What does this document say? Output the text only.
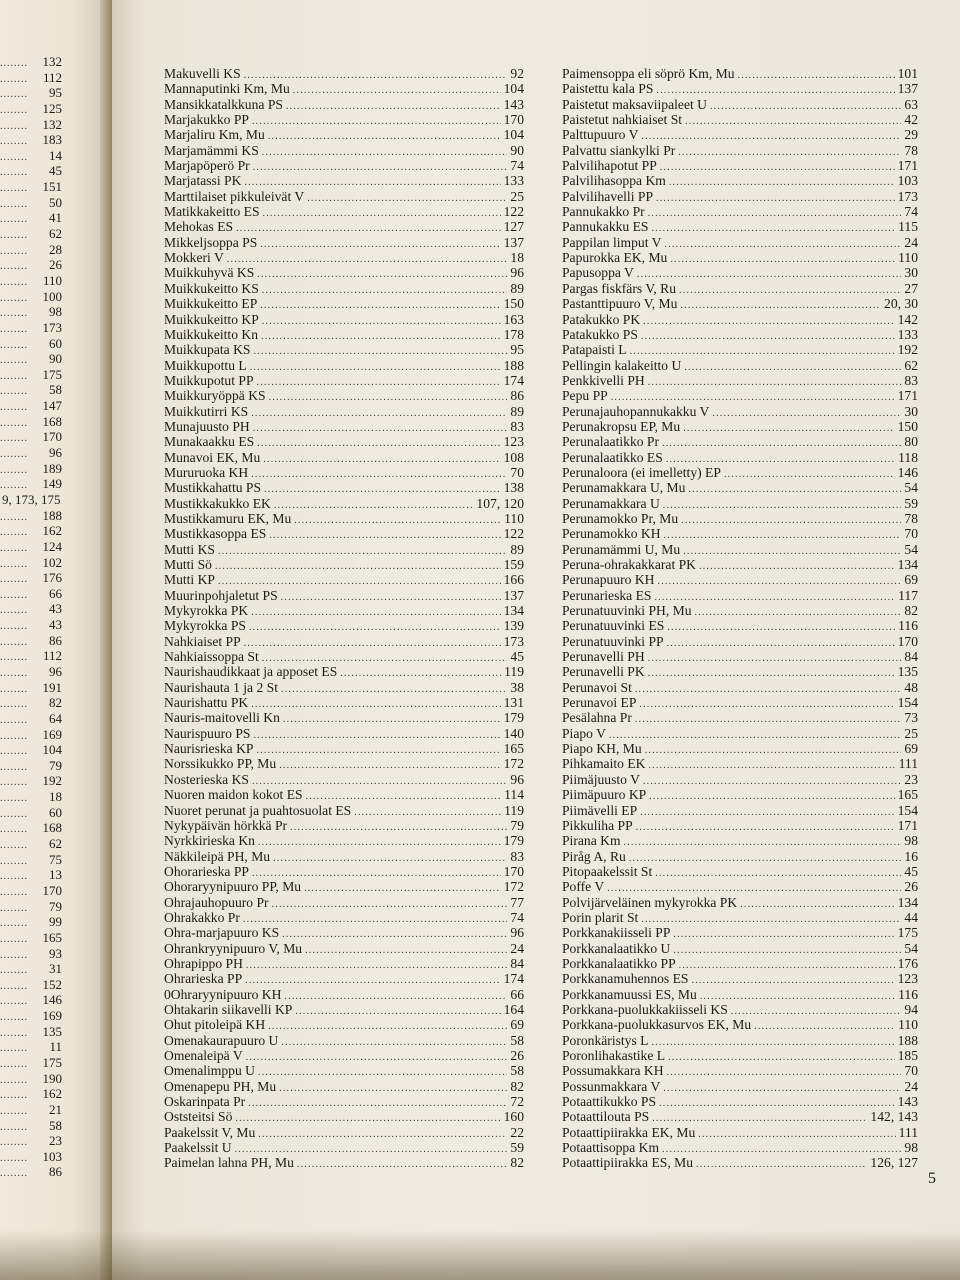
........	132
........	112
........	95
........	125
........	132
........	183
........	14
........	45
........	151
........	50
........	41
........	62
........	28
........	26
........	110
........	100
........	98
........	173
........	60
........	90
........	175
........	58
........	147
........	168
........	170
........	96
........	189
........	149
9, 173, 175
........	188
........	162
........	124
........	102
........	176
........	66
........	43
........	43
........	86
........	112
........	96
........	191
........	82
........	64
........	169
........	104
........	79
........	192
........	18
........	60
........	168
........	62
........	75
........	13
........	170
........	79
........	99
........	165
........	93
........	31
........	152
........	146
........	169
........	135
........	11
........	175
........	190
........	162
........	21
........	58
........	23
........	103
........	86
Makuvelli KS .....	92
Mannaputinki Km, Mu .....	104
Mansikkatalkkuna PS .....	143
Marjakukko PP .....	170
Marjaliru Km, Mu .....	104
Marjamämmi KS .....	90
Marjapöperö Pr .....	74
Marjatassi PK .....	133
Marttilaiset pikkuleivät V .....	25
Matikkakeitto ES .....	122
Mehokas ES .....	127
Mikkeljsoppa PS .....	137
Mokkeri V .....	18
Muikkuhyvä KS .....	96
Muikkukeitto KS .....	89
Muikkukeitto EP .....	150
Muikkukeitto KP .....	163
Muikkukeitto Kn .....	178
Muikkupata KS .....	95
Muikkupottu L .....	188
Muikkupotut PP .....	174
Muikkuryöppä KS .....	86
Muikkutirri KS .....	89
Munajuusto PH .....	83
Munakaakku ES .....	123
Munavoi EK, Mu .....	108
Mururuoka KH .....	70
Mustikkahattu PS .....	138
Mustikkakukko EK .....	107, 120
Mustikkamuru EK, Mu .....	110
Mustikkasoppa ES .....	122
Mutti KS .....	89
Mutti Sö .....	159
Mutti KP .....	166
Muurinpohjaletut PS .....	137
Mykyrokka PK .....	134
Mykyrokka PS .....	139
Nahkiaiset PP .....	173
Nahkiaissoppa St .....	45
Naurishaudikkaat ja apposet ES .....	119
Naurishauta 1 ja 2 St .....	38
Naurishattu PK .....	131
Nauris-maitovelli Kn .....	179
Naurispuuro PS .....	140
Naurisrieska KP .....	165
Norssikukko PP, Mu .....	172
Nosterieska KS .....	96
Nuoren maidon kokot ES .....	114
Nuoret perunat ja puahtosuolat ES .....	119
Nykypäivän hörkkä Pr .....	79
Nyrkkirieska Kn .....	179
Näkkileipä PH, Mu .....	83
Ohorarieska PP .....	170
Ohoraryynipuuro PP, Mu .....	172
Ohrajauhopuuro Pr .....	77
Ohrakakko Pr .....	74
Ohra-marjapuuro KS .....	96
Ohrankryynipuuro V, Mu .....	24
Ohrapippo PH .....	84
Ohrarieska PP .....	174
0Ohraryynipuuro KH .....	66
Ohtakarin siikavelli KP .....	164
Ohut pitoleipä KH .....	69
Omenakaurapuuro U .....	58
Omenaleipä V .....	26
Omenalimppu U .....	58
Omenapepu PH, Mu .....	82
Oskarinpata Pr .....	72
Oststeitsi Sö .....	160
Paakelssit V, Mu .....	22
Paakelssit U .....	59
Paimelan lahna PH, Mu .....	82
Paimensoppa eli söprö Km, Mu .....	101
Paistettu kala PS .....	137
Paistetut maksaviipaleet U .....	63
Paistetut nahkiaiset St .....	42
Palttupuuro V .....	29
Palvattu siankylki Pr .....	78
Palvilihapotut PP .....	171
Palvilihasoppa Km .....	103
Palvilihavelli PP .....	173
Pannukakko Pr .....	74
Pannukakku ES .....	115
Pappilan limput V .....	24
Papurokka EK, Mu .....	110
Papusoppa V .....	30
Pargas fiskfärs V, Ru .....	27
Pastanttipuuro V, Mu .....	20, 30
Patakukko PK .....	142
Patakukko PS .....	133
Patapaisti L .....	192
Pellingin kalakeitto U .....	62
Penkkivelli PH .....	83
Pepu PP .....	171
Perunajauhopannukakku V .....	30
Perunakropsu EP, Mu .....	150
Perunalaatikko Pr .....	80
Perunalaatikko ES .....	118
Perunaloora (ei imelletty) EP .....	146
Perunamakkara U, Mu .....	54
Perunamakkara U .....	59
Perunamokko Pr, Mu .....	78
Perunamokko KH .....	70
Perunamämmi U, Mu .....	54
Peruna-ohrakakkarat PK .....	134
Perunapuuro KH .....	69
Perunarieska ES .....	117
Perunatuuvinki PH, Mu .....	82
Perunatuuvinki ES .....	116
Perunatuuvinki PP .....	170
Perunavelli PH .....	84
Perunavelli PK .....	135
Perunavoi St .....	48
Perunavoi EP .....	154
Pesälahna Pr .....	73
Piapo V .....	25
Piapo KH, Mu .....	69
Pihkamaito EK .....	111
Piimäjuusto V .....	23
Piimäpuuro KP .....	165
Piimävelli EP .....	154
Pikkuliha PP .....	171
Pirana Km .....	98
Piråg A, Ru .....	16
Pitopaakelssit St .....	45
Poffe V .....	26
Polvijärveläinen mykyrokka PK .....	134
Porin plarit St .....	44
Porkkanakiisseli PP .....	175
Porkkanalaatikko U .....	54
Porkkanalaatikko PP .....	176
Porkkanamuhennos ES .....	123
Porkkanamuussi ES, Mu .....	116
Porkkana-puolukkakiisseli KS .....	94
Porkkana-puolukkasurvos EK, Mu .....	110
Poronkäristys L .....	188
Poronlihakastike L .....	185
Possumakkara KH .....	70
Possunmakkara V .....	24
Potaattikukko PS .....	143
Potaattilouta PS .....	142, 143
Potaattipiirakka EK, Mu .....	111
Potaattisoppa Km .....	98
Potaattipiirakka ES, Mu .....	126, 127
5
